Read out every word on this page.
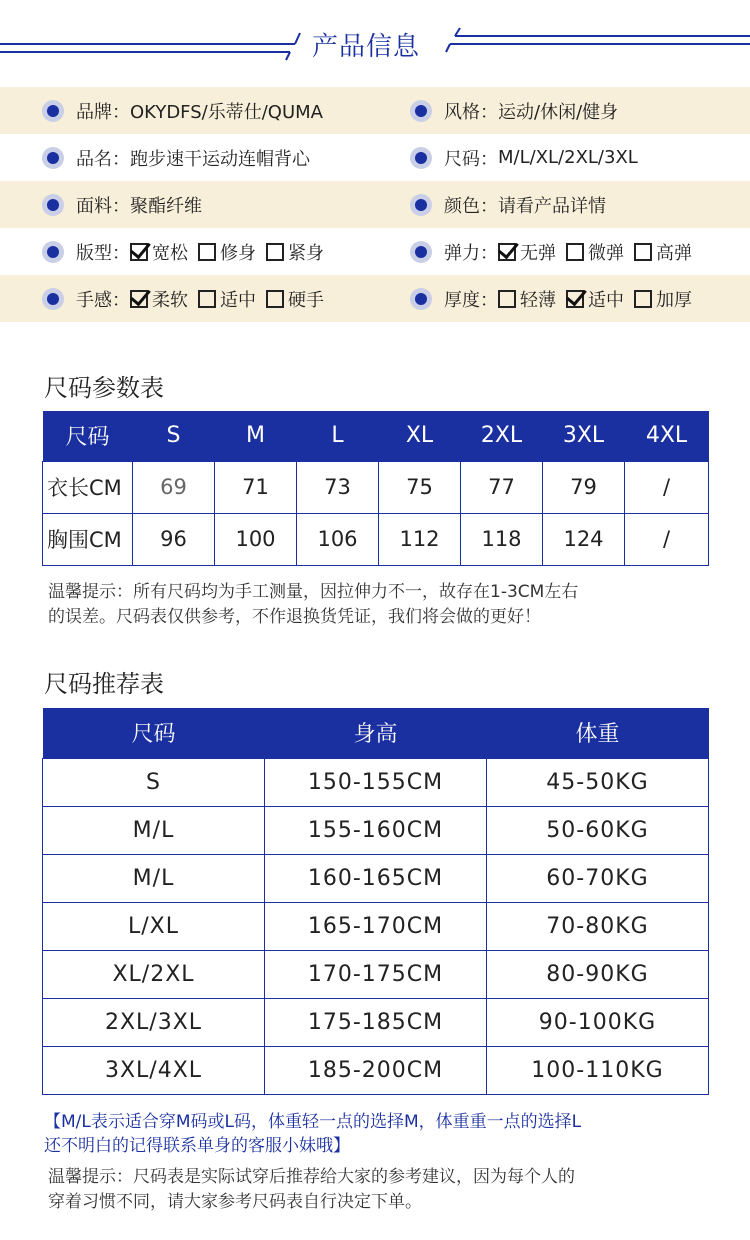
产品信息
品牌： OKYDFS/乐蒂仕/QUMA	风格： 运动/休闲/健身
品名： 跑步速干运动连帽背心	尺码： M/L/XL/2XL/3XL
面料： 聚酯纤维	颜色： 请看产品详情
版型： 宽松 修身 紧身	弹力： 无弹 微弹 高弹
手感： 柔软 适中 硬手	厚度： 轻薄 适中 加厚
尺码参数表
尺码	S	M	L	XL	2XL	3XL	4XL
衣长CM	69	71	73	75	77	79	/
胸围CM	96	100	106	112	118	124	/
温馨提示：所有尺码均为手工测量，因拉伸力不一，故存在1-3CM左右
的误差。尺码表仅供参考，不作退换货凭证，我们将会做的更好！
尺码推荐表
尺码	身高	体重
S	150-155CM	45-50KG
M/L	155-160CM	50-60KG
M/L	160-165CM	60-70KG
L/XL	165-170CM	70-80KG
XL/2XL	170-175CM	80-90KG
2XL/3XL	175-185CM	90-100KG
3XL/4XL	185-200CM	100-110KG
【M/L表示适合穿M码或L码，体重轻一点的选择M，体重重一点的选择L
还不明白的记得联系单身的客服小妹哦】
温馨提示：尺码表是实际试穿后推荐给大家的参考建议，因为每个人的
穿着习惯不同，请大家参考尺码表自行决定下单。
